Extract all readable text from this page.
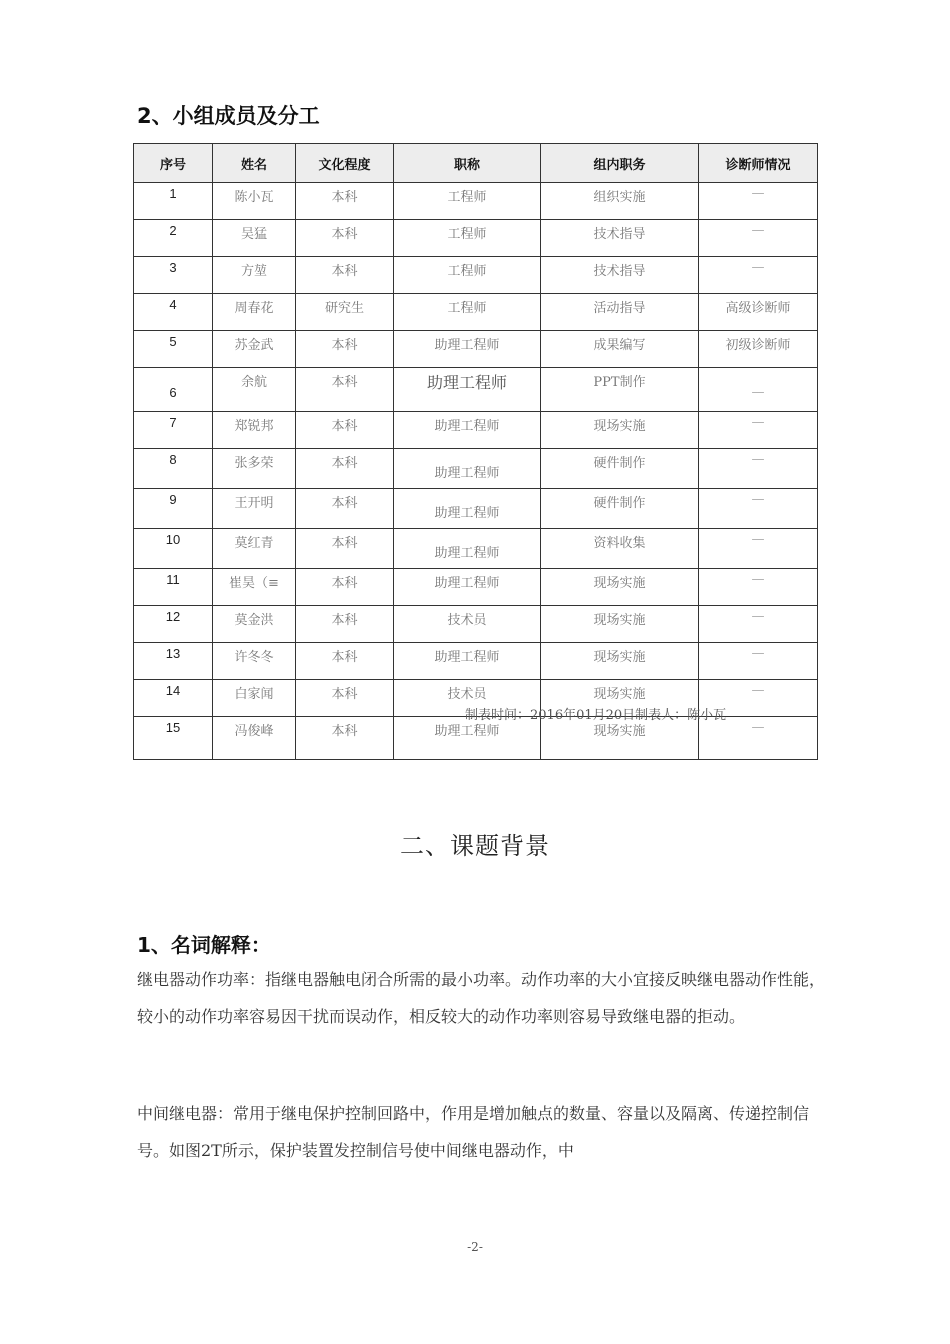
2、小组成员及分工
序号	姓名	文化程度	职称	组内职务	诊断师情况
1	陈小瓦	本科	工程师	组织实施	—
2	吴猛	本科	工程师	技术指导	—
3	方堃	本科	工程师	技术指导	—
4	周春花	研究生	工程师	活动指导	高级诊断师
5	苏金武	本科	助理工程师	成果编写	初级诊断师
6	余航	本科	助理工程师	PPT制作	—
7	郑锐邦	本科	助理工程师	现场实施	—
8	张多荣	本科	助理工程师	硬件制作	—
9	王开明	本科	助理工程师	硬件制作	—
10	莫红青	本科	助理工程师	资料收集	—
11	崔昊（≡	本科	助理工程师	现场实施	—
12	莫金洪	本科	技术员	现场实施	—
13	许冬冬	本科	助理工程师	现场实施	—
14	白家闻	本科	技术员	现场实施	—
15	冯俊峰	本科	助理工程师	现场实施	—
制表时间：2016年01月20日制表人：陈小瓦
二、课题背景
1、名词解释：
继电器动作功率：指继电器触电闭合所需的最小功率。动作功率的大小宜接反映继电器动作性能，较小的动作功率容易因干扰而误动作，相反较大的动作功率则容易导致继电器的拒动。
中间继电器：常用于继电保护控制回路中，作用是增加触点的数量、容量以及隔离、传递控制信号。如图2T所示，保护装置发控制信号使中间继电器动作，中
-2-
